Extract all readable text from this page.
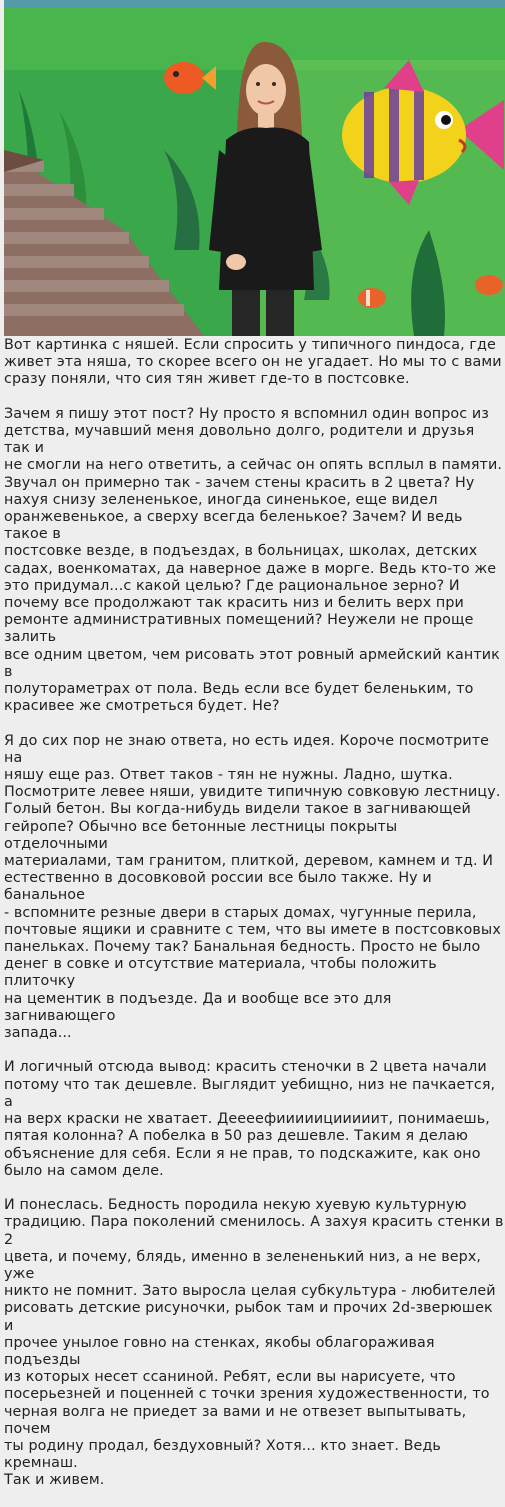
Вот картинка с няшей. Если спросить у типичного пиндоса, где
живет эта няша, то скорее всего он не угадает. Но мы то с вами
сразу поняли, что сия тян живет где-то в постсовке.

Зачем я пишу этот пост? Ну просто я вспомнил один вопрос из
детства, мучавший меня довольно долго, родители и друзья так и
не смогли на него ответить, а сейчас он опять всплыл в памяти.
Звучал он примерно так - зачем стены красить в 2 цвета? Ну
нахуя снизу зелененькое, иногда синенькое, еще видел
оранжевенькое, а сверху всегда беленькое? Зачем? И ведь такое в
постсовке везде, в подъездах, в больницах, школах, детских
садах, военкоматах, да наверное даже в морге. Ведь кто-то же
это придумал...с какой целью? Где рациональное зерно? И
почему все продолжают так красить низ и белить верх при
ремонте административных помещений? Неужели не проще залить
все одним цветом, чем рисовать этот ровный армейский кантик в
полутораметрах от пола. Ведь если все будет беленьким, то
красивее же смотреться будет. Не?

Я до сих пор не знаю ответа, но есть идея. Короче посмотрите на
няшу еще раз. Ответ таков - тян не нужны. Ладно, шутка.
Посмотрите левее няши, увидите типичную совковую лестницу.
Голый бетон. Вы когда-нибудь видели такое в загнивающей
гейропе? Обычно все бетонные лестницы покрыты отделочными
материалами, там гранитом, плиткой, деревом, камнем и тд. И
естественно в досовковой россии все было также. Ну и банальное
- вспомните резные двери в старых домах, чугунные перила,
почтовые ящики и сравните с тем, что вы имете в постсовковых
панельках. Почему так? Банальная бедность. Просто не было
денег в совке и отсутствие материала, чтобы положить плиточку
на цементик в подъезде. Да и вообще все это для загнивающего
запада...

И логичный отсюда вывод: красить стеночки в 2 цвета начали
потому что так дешевле. Выглядит уебищно, низ не пачкается, а
на верх краски не хватает. Деееефииииицииииит, понимаешь,
пятая колонна? А побелка в 50 раз дешевле. Таким я делаю
объяснение для себя. Если я не прав, то подскажите, как оно
было на самом деле.

И понеслась. Бедность породила некую хуевую культурную
традицию. Пара поколений сменилось. А захуя красить стенки в 2
цвета, и почему, блядь, именно в зелененький низ, а не верх, уже
никто не помнит. Зато выросла целая субкультура - любителей
рисовать детские рисуночки, рыбок там и прочих 2d-зверюшек и
прочее унылое говно на стенках, якобы облагораживая подъезды
из которых несет ссаниной. Ребят, если вы нарисуете, что
посерьезней и поценней с точки зрения художественности, то
черная волга не приедет за вами и не отвезет выпытывать, почем
ты родину продал, бездуховный? Хотя... кто знает. Ведь кремнаш.
Так и живем.
